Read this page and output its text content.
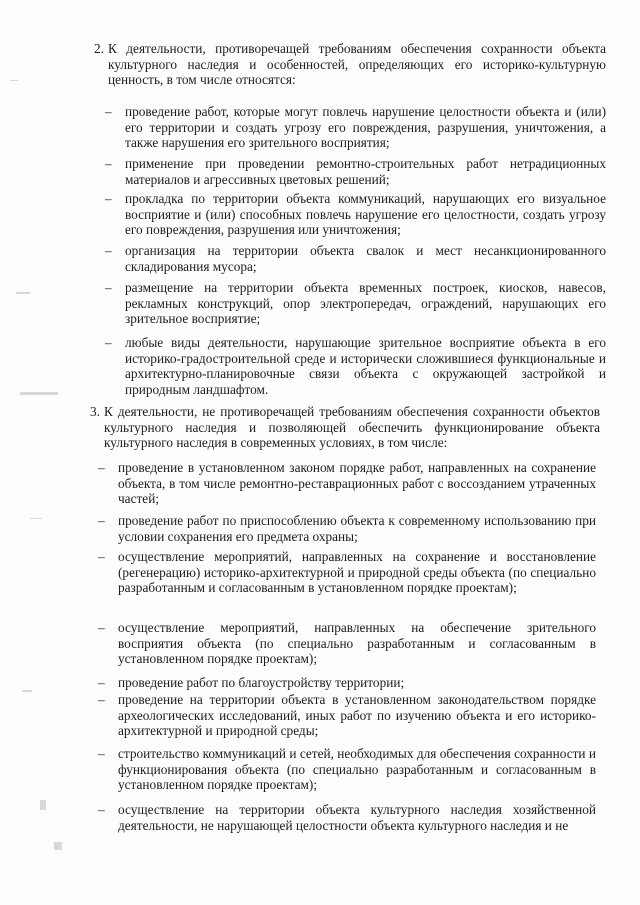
2. К деятельности, противоречащей требованиям обеспечения сохранности объекта культурного наследия и особенностей, определяющих его историко-культурную ценность, в том числе относятся:
– проведение работ, которые могут повлечь нарушение целостности объекта и (или) его территории и создать угрозу его повреждения, разрушения, уничтожения, а также нарушения его зрительного восприятия;
– применение при проведении ремонтно-строительных работ нетрадиционных материалов и агрессивных цветовых решений;
– прокладка по территории объекта коммуникаций, нарушающих его визуальное восприятие и (или) способных повлечь нарушение его целостности, создать угрозу его повреждения, разрушения или уничтожения;
– организация на территории объекта свалок и мест несанкционированного складирования мусора;
– размещение на территории объекта временных построек, киосков, навесов, рекламных конструкций, опор электропередач, ограждений, нарушающих его зрительное восприятие;
– любые виды деятельности, нарушающие зрительное восприятие объекта в его историко-градостроительной среде и исторически сложившиеся функциональные и архитектурно-планировочные связи объекта с окружающей застройкой и природным ландшафтом.
3. К деятельности, не противоречащей требованиям обеспечения сохранности объектов культурного наследия и позволяющей обеспечить функционирование объекта культурного наследия в современных условиях, в том числе:
– проведение в установленном законом порядке работ, направленных на сохранение объекта, в том числе ремонтно-реставрационных работ с воссозданием утраченных частей;
– проведение работ по приспособлению объекта к современному использованию при условии сохранения его предмета охраны;
– осуществление мероприятий, направленных на сохранение и восстановление (регенерацию) историко-архитектурной и природной среды объекта (по специально разработанным и согласованным в установленном порядке проектам);
– осуществление мероприятий, направленных на обеспечение зрительного восприятия объекта (по специально разработанным и согласованным в установленном порядке проектам);
– проведение работ по благоустройству территории;
– проведение на территории объекта в установленном законодательством порядке археологических исследований, иных работ по изучению объекта и его историко-архитектурной и природной среды;
– строительство коммуникаций и сетей, необходимых для обеспечения сохранности и функционирования объекта (по специально разработанным и согласованным в установленном порядке проектам);
– осуществление на территории объекта культурного наследия хозяйственной деятельности, не нарушающей целостности объекта культурного наследия и не
